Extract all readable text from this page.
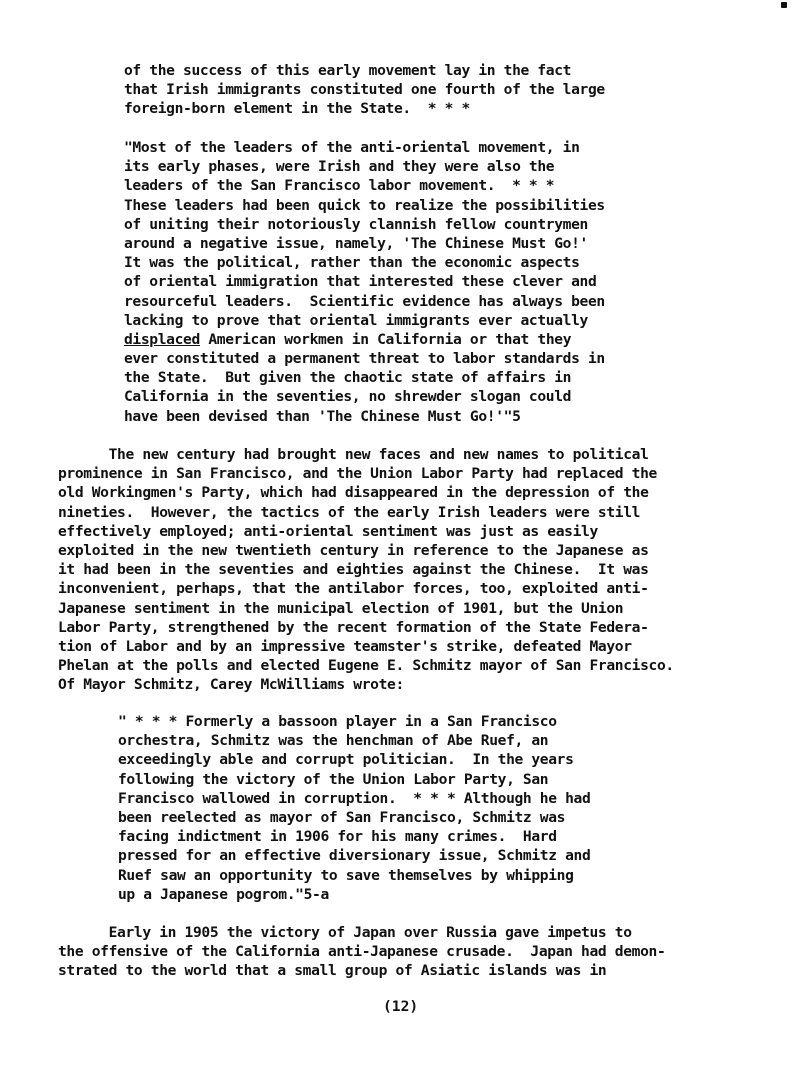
of the success of this early movement lay in the fact
that Irish immigrants constituted one fourth of the large
foreign-born element in the State.  * * *
"Most of the leaders of the anti-oriental movement, in
its early phases, were Irish and they were also the
leaders of the San Francisco labor movement.  * * *
These leaders had been quick to realize the possibilities
of uniting their notoriously clannish fellow countrymen
around a negative issue, namely, 'The Chinese Must Go!'
It was the political, rather than the economic aspects
of oriental immigration that interested these clever and
resourceful leaders.  Scientific evidence has always been
lacking to prove that oriental immigrants ever actually
displaced American workmen in California or that they
ever constituted a permanent threat to labor standards in
the State.  But given the chaotic state of affairs in
California in the seventies, no shrewder slogan could
have been devised than 'The Chinese Must Go!'"5
The new century had brought new faces and new names to political
prominence in San Francisco, and the Union Labor Party had replaced the
old Workingmen's Party, which had disappeared in the depression of the
nineties.  However, the tactics of the early Irish leaders were still
effectively employed; anti-oriental sentiment was just as easily
exploited in the new twentieth century in reference to the Japanese as
it had been in the seventies and eighties against the Chinese.  It was
inconvenient, perhaps, that the antilabor forces, too, exploited anti-
Japanese sentiment in the municipal election of 1901, but the Union
Labor Party, strengthened by the recent formation of the State Federa-
tion of Labor and by an impressive teamster's strike, defeated Mayor
Phelan at the polls and elected Eugene E. Schmitz mayor of San Francisco.
Of Mayor Schmitz, Carey McWilliams wrote:
" * * * Formerly a bassoon player in a San Francisco
orchestra, Schmitz was the henchman of Abe Ruef, an
exceedingly able and corrupt politician.  In the years
following the victory of the Union Labor Party, San
Francisco wallowed in corruption.  * * * Although he had
been reelected as mayor of San Francisco, Schmitz was
facing indictment in 1906 for his many crimes.  Hard
pressed for an effective diversionary issue, Schmitz and
Ruef saw an opportunity to save themselves by whipping
up a Japanese pogrom."5-a
Early in 1905 the victory of Japan over Russia gave impetus to
the offensive of the California anti-Japanese crusade.  Japan had demon-
strated to the world that a small group of Asiatic islands was in
(12)
